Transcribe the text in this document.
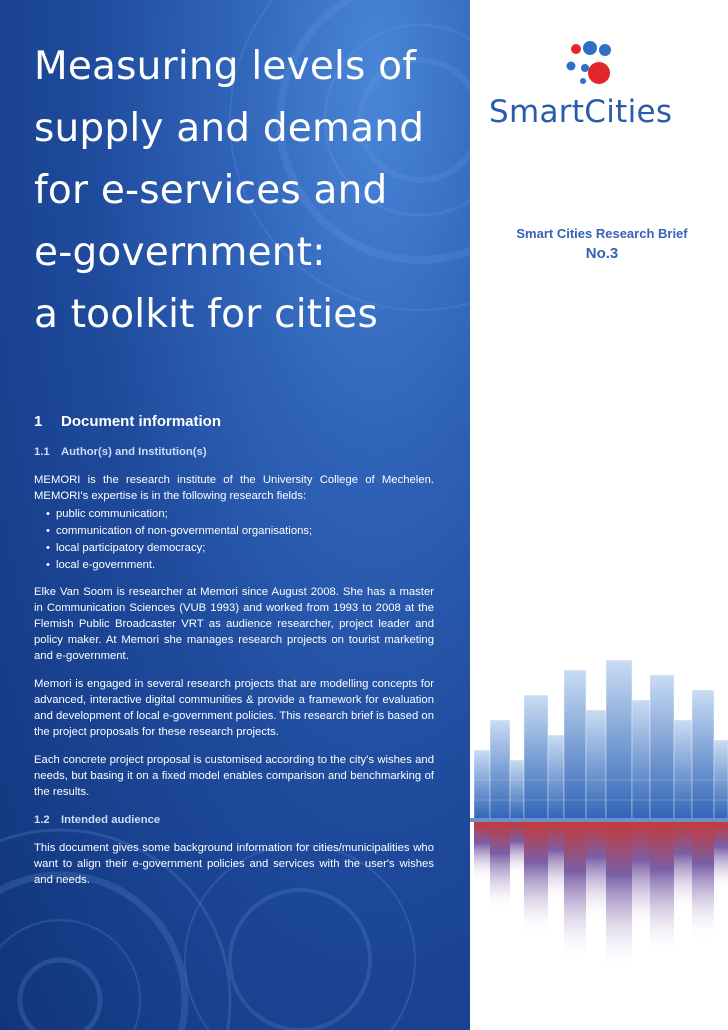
Measuring levels of
supply and demand
for e-services and
e-government:
a toolkit for cities
1	Document information
1.1 Author(s) and Institution(s)

MEMORI is the research institute of the University College of Mechelen. MEMORI's expertise is in the following research fields:

• public communication;
• communication of non-governmental organisations;
• local participatory democracy;
• local e-government.

Elke Van Soom is researcher at Memori since August 2008. She has a master in Communication Sciences (VUB 1993) and worked from 1993 to 2008 at the Flemish Public Broadcaster VRT as audience researcher, project leader and policy maker. At Memori she manages research projects on tourist marketing and e-government.

Memori is engaged in several research projects that are modelling concepts for advanced, interactive digital communities & provide a framework for evaluation and development of local e-government policies. This research brief is based on the project proposals for these research projects.

Each concrete project proposal is customised according to the city's wishes and needs, but basing it on a fixed model enables comparison and benchmarking of the results.

1.2 Intended audience

This document gives some background information for cities/municipalities who want to align their e-government policies and services with the user's wishes and needs.

SmartCities
Smart Cities Research Brief
No.3
